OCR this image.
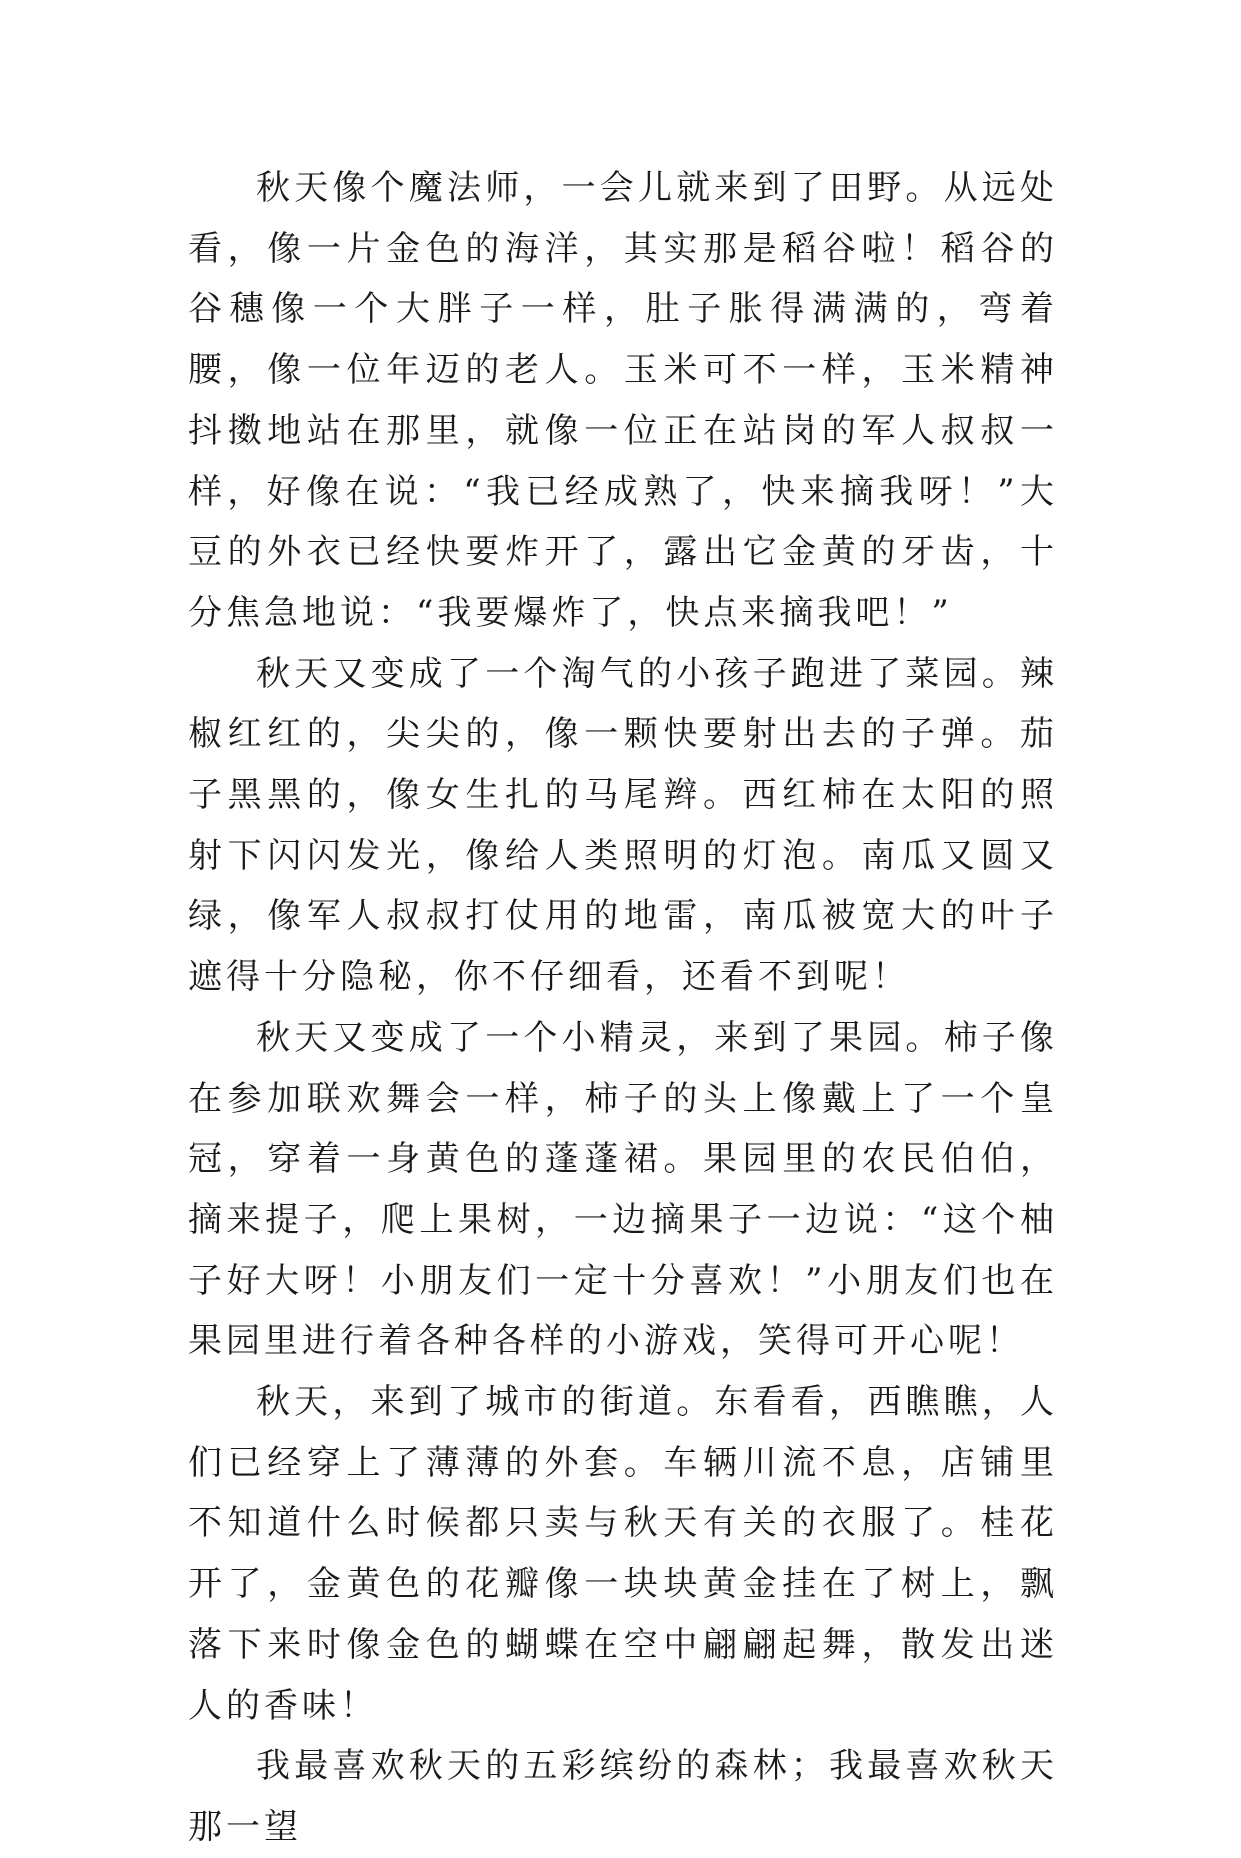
秋天像个魔法师，一会儿就来到了田野。从远处看，像一片金色的海洋，其实那是稻谷啦！稻谷的谷穗像一个大胖子一样，肚子胀得满满的，弯着腰，像一位年迈的老人。玉米可不一样，玉米精神抖擞地站在那里，就像一位正在站岗的军人叔叔一样，好像在说：“我已经成熟了，快来摘我呀！”大豆的外衣已经快要炸开了，露出它金黄的牙齿，十分焦急地说：“我要爆炸了，快点来摘我吧！”

秋天又变成了一个淘气的小孩子跑进了菜园。辣椒红红的，尖尖的，像一颗快要射出去的子弹。茄子黑黑的，像女生扎的马尾辫。西红柿在太阳的照射下闪闪发光，像给人类照明的灯泡。南瓜又圆又绿，像军人叔叔打仗用的地雷，南瓜被宽大的叶子遮得十分隐秘，你不仔细看，还看不到呢！

秋天又变成了一个小精灵，来到了果园。柿子像在参加联欢舞会一样，柿子的头上像戴上了一个皇冠，穿着一身黄色的蓬蓬裙。果园里的农民伯伯，摘来提子，爬上果树，一边摘果子一边说：“这个柚子好大呀！小朋友们一定十分喜欢！”小朋友们也在果园里进行着各种各样的小游戏，笑得可开心呢！

秋天，来到了城市的街道。东看看，西瞧瞧，人们已经穿上了薄薄的外套。车辆川流不息，店铺里不知道什么时候都只卖与秋天有关的衣服了。桂花开了，金黄色的花瓣像一块块黄金挂在了树上，飘落下来时像金色的蝴蝶在空中翩翩起舞，散发出迷人的香味！

我最喜欢秋天的五彩缤纷的森林；我最喜欢秋天那一望
